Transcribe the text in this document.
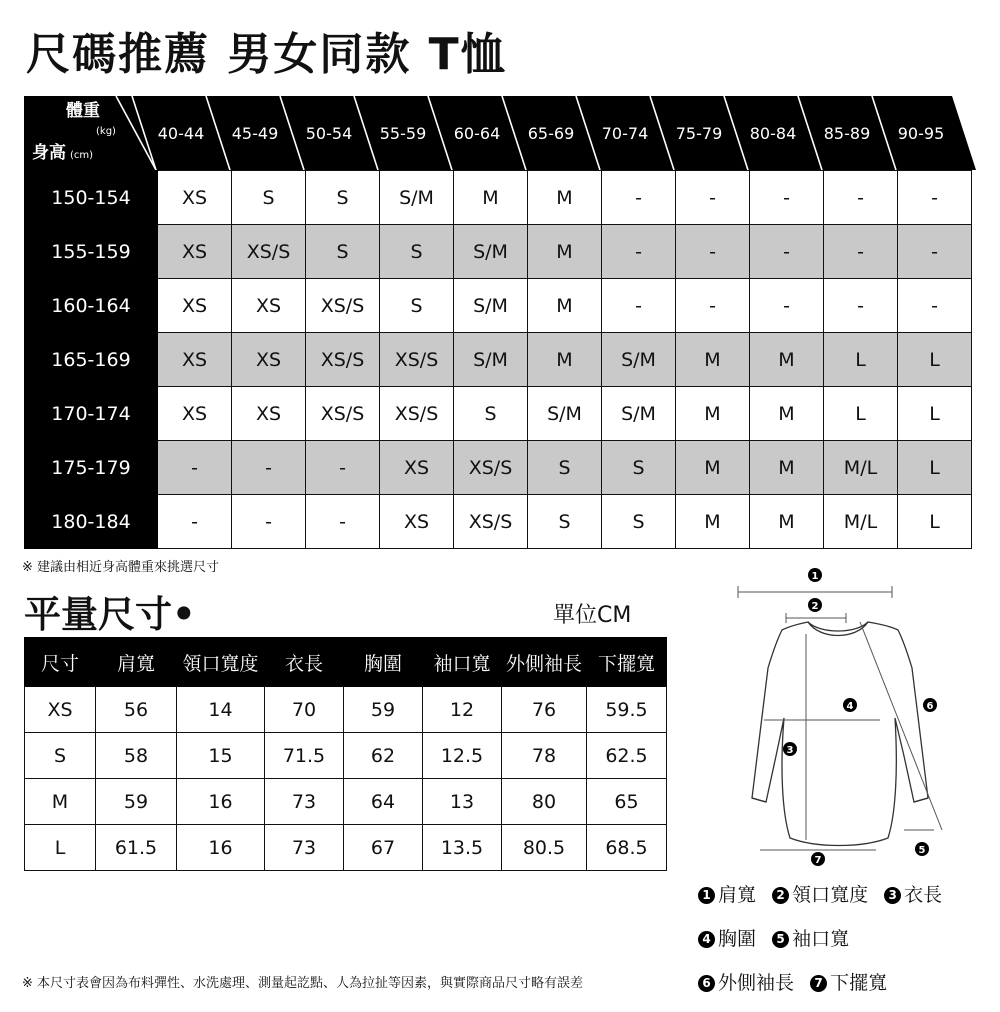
尺碼推薦 男女同款 T恤
40-44 45-49 50-54 55-59 60-64 65-69 70-74 75-79 80-84 85-89 90-95
體重
(kg)
身高 (cm)
150-154	XS	S	S	S/M	M	M	-	-	-	-	-
155-159	XS	XS/S	S	S	S/M	M	-	-	-	-	-
160-164	XS	XS	XS/S	S	S/M	M	-	-	-	-	-
165-169	XS	XS	XS/S	XS/S	S/M	M	S/M	M	M	L	L
170-174	XS	XS	XS/S	XS/S	S	S/M	S/M	M	M	L	L
175-179	-	-	-	XS	XS/S	S	S	M	M	M/L	L
180-184	-	-	-	XS	XS/S	S	S	M	M	M/L	L
※ 建議由相近身高體重來挑選尺寸
平量尺寸•	單位CM
尺寸	肩寬	領口寬度	衣長	胸圍	袖口寬	外側袖長	下擺寬
XS	56	14	70	59	12	76	59.5
S	58	15	71.5	62	12.5	78	62.5
M	59	16	73	64	13	80	65
L	61.5	16	73	67	13.5	80.5	68.5
※ 本尺寸表會因為布料彈性、水洗處理、測量起訖點、人為拉扯等因素，與實際商品尺寸略有誤差
1
2
3
4
5
6
7
1 肩寬 2 領口寬度 3 衣長
4 胸圍 5 袖口寬
6 外側袖長 7 下擺寬
